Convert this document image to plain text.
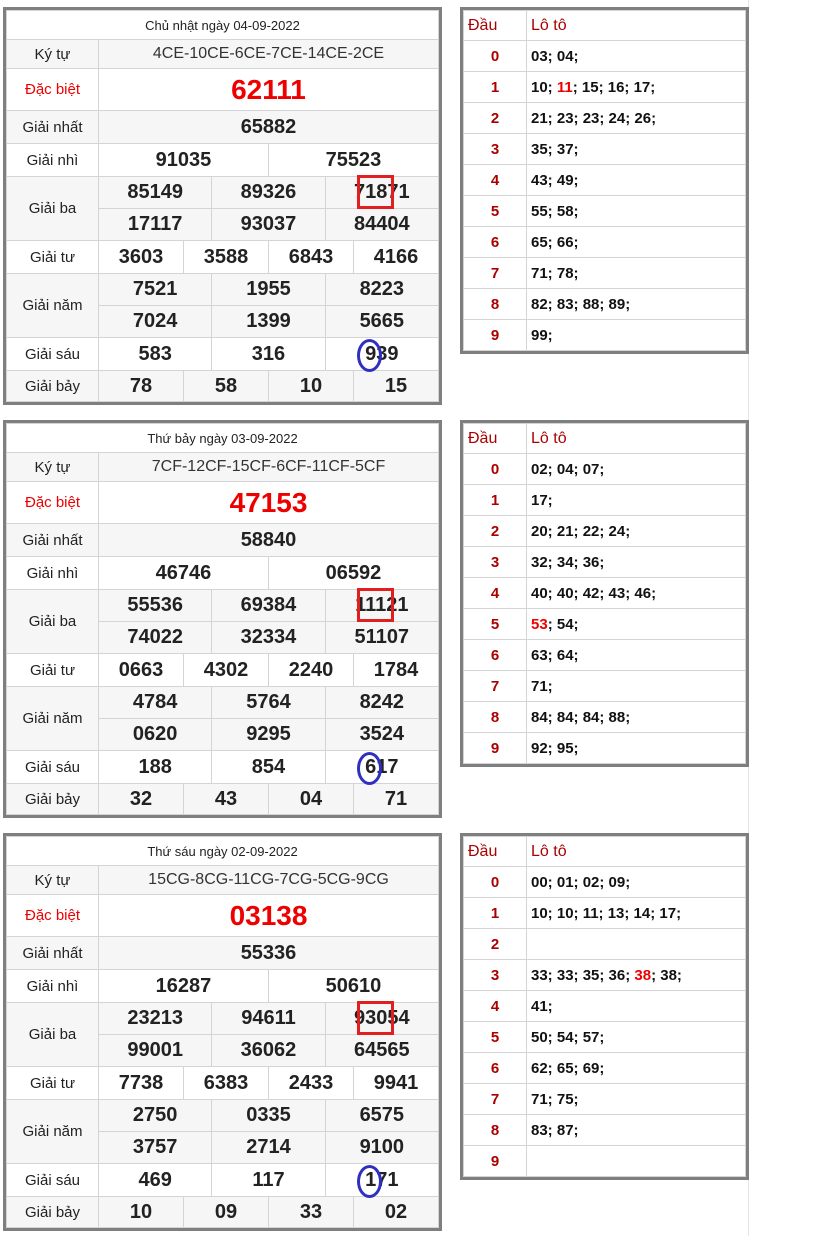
Chủ nhật ngày 04-09-2022						
Ký tự	4CE-10CE-6CE-7CE-14CE-2CE					
Đặc biệt	62111					
Giải nhất	65882					
Giải nhì	91035			75523		
Giải ba	85149		89326		71871	
	17117		93037		84404	
Giải tư	3603	3588		6843		4166
Giải năm	7521		1955		8223	
	7024		1399		5665	
Giải sáu	583		316		939	
Giải bảy	78	58		10		15
Đầu	Lô tô
0	03; 04;
1	10; 11; 15; 16; 17;
2	21; 23; 23; 24; 26;
3	35; 37;
4	43; 49;
5	55; 58;
6	65; 66;
7	71; 78;
8	82; 83; 88; 89;
9	99;
Thứ bảy ngày 03-09-2022						
Ký tự	7CF-12CF-15CF-6CF-11CF-5CF					
Đặc biệt	47153					
Giải nhất	58840					
Giải nhì	46746			06592		
Giải ba	55536		69384		11121	
	74022		32334		51107	
Giải tư	0663	4302		2240		1784
Giải năm	4784		5764		8242	
	0620		9295		3524	
Giải sáu	188		854		617	
Giải bảy	32	43		04		71
Đầu	Lô tô
0	02; 04; 07;
1	17;
2	20; 21; 22; 24;
3	32; 34; 36;
4	40; 40; 42; 43; 46;
5	53; 54;
6	63; 64;
7	71;
8	84; 84; 84; 88;
9	92; 95;
Thứ sáu ngày 02-09-2022						
Ký tự	15CG-8CG-11CG-7CG-5CG-9CG					
Đặc biệt	03138					
Giải nhất	55336					
Giải nhì	16287			50610		
Giải ba	23213		94611		93054	
	99001		36062		64565	
Giải tư	7738	6383		2433		9941
Giải năm	2750		0335		6575	
	3757		2714		9100	
Giải sáu	469		117		171	
Giải bảy	10	09		33		02
Đầu	Lô tô
0	00; 01; 02; 09;
1	10; 10; 11; 13; 14; 17;
2	
3	33; 33; 35; 36; 38; 38;
4	41;
5	50; 54; 57;
6	62; 65; 69;
7	71; 75;
8	83; 87;
9	
